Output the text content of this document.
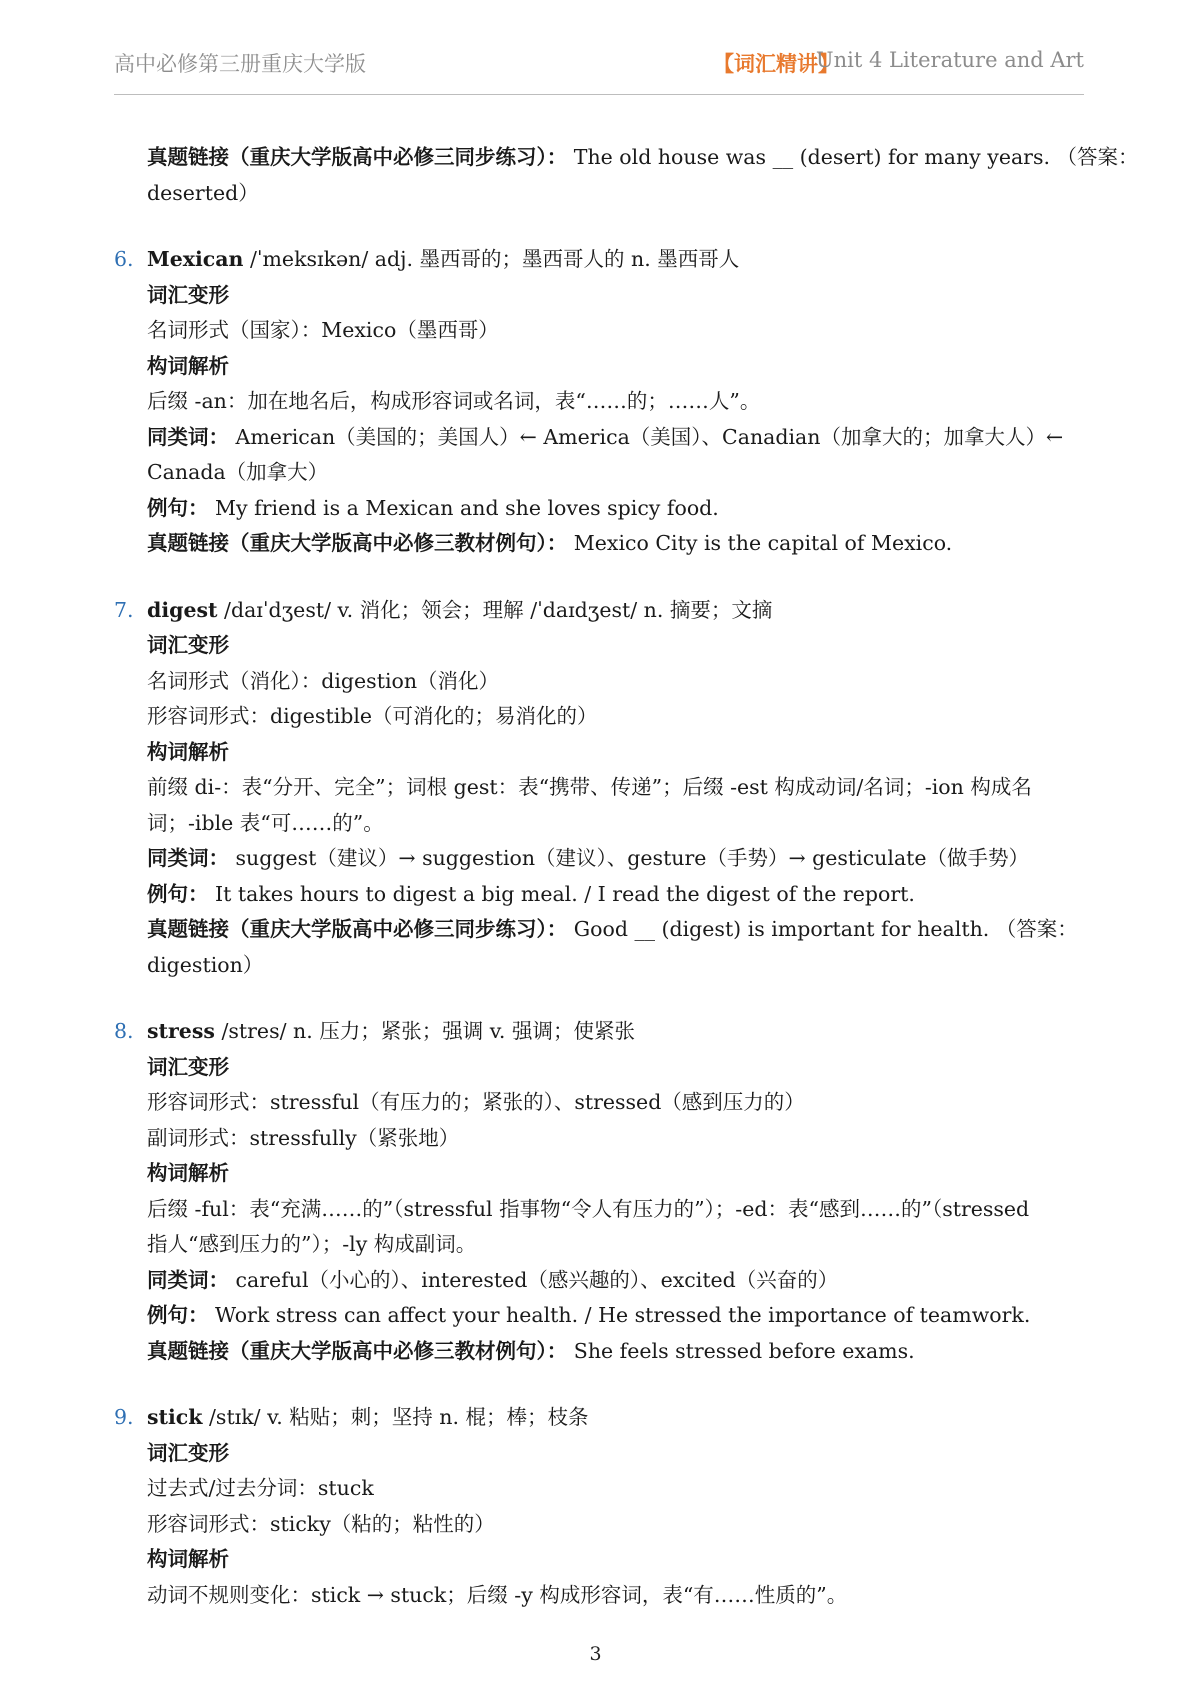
高中必修第三册重庆大学版	【词汇精讲】
Unit 4 Literature and Art
真题链接（重庆大学版高中必修三同步练习）： The old house was __ (desert) for many years. （答案：
deserted）
6. Mexican /ˈmeksɪkən/ adj. 墨西哥的；墨西哥人的 n. 墨西哥人
词汇变形
名词形式（国家）：Mexico（墨西哥）
构词解析
后缀 -an：加在地名后，构成形容词或名词，表“……的；……人”。
同类词： American（美国的；美国人）← America（美国）、Canadian（加拿大的；加拿大人）←
Canada（加拿大）
例句： My friend is a Mexican and she loves spicy food.
真题链接（重庆大学版高中必修三教材例句）： Mexico City is the capital of Mexico.
7. digest /daɪˈdʒest/ v. 消化；领会；理解 /ˈdaɪdʒest/ n. 摘要；文摘
词汇变形
名词形式（消化）：digestion（消化）
形容词形式：digestible（可消化的；易消化的）
构词解析
前缀 di-：表“分开、完全”；词根 gest：表“携带、传递”；后缀 -est 构成动词/名词；-ion 构成名
词；-ible 表“可……的”。
同类词： suggest（建议）→ suggestion（建议）、gesture（手势）→ gesticulate（做手势）
例句： It takes hours to digest a big meal. / I read the digest of the report.
真题链接（重庆大学版高中必修三同步练习）： Good __ (digest) is important for health. （答案：
digestion）
8. stress /stres/ n. 压力；紧张；强调 v. 强调；使紧张
词汇变形
形容词形式：stressful（有压力的；紧张的）、stressed（感到压力的）
副词形式：stressfully（紧张地）
构词解析
后缀 -ful：表“充满……的”（stressful 指事物“令人有压力的”）；-ed：表“感到……的”（stressed
指人“感到压力的”）；-ly 构成副词。
同类词： careful（小心的）、interested（感兴趣的）、excited（兴奋的）
例句： Work stress can affect your health. / He stressed the importance of teamwork.
真题链接（重庆大学版高中必修三教材例句）： She feels stressed before exams.
9. stick /stɪk/ v. 粘贴；刺；坚持 n. 棍；棒；枝条
词汇变形
过去式/过去分词：stuck
形容词形式：sticky（粘的；粘性的）
构词解析
动词不规则变化：stick → stuck；后缀 -y 构成形容词，表“有……性质的”。
3
